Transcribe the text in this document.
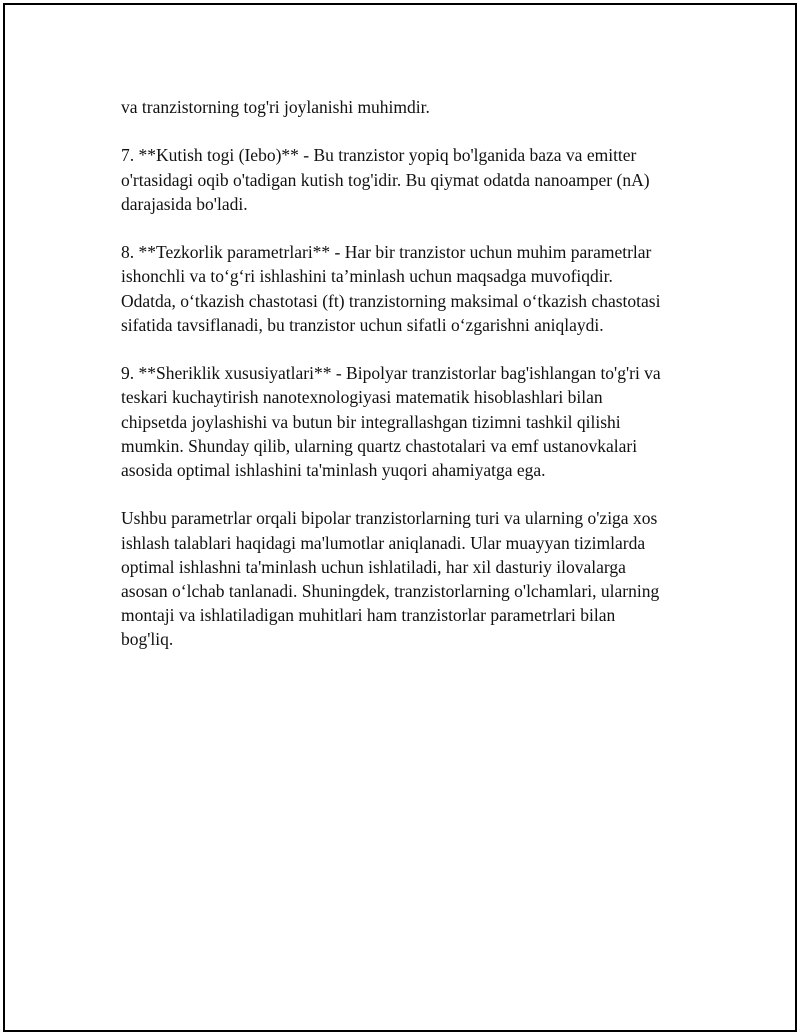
va tranzistorning tog'ri joylanishi muhimdir.

7. **Kutish togi (Iebo)** - Bu tranzistor yopiq bo'lganida baza va emitter
o'rtasidagi oqib o'tadigan kutish tog'idir. Bu qiymat odatda nanoamper (nA)
darajasida bo'ladi.

8. **Tezkorlik parametrlari** - Har bir tranzistor uchun muhim parametrlar
ishonchli va to‘g‘ri ishlashini ta’minlash uchun maqsadga muvofiqdir.
Odatda, o‘tkazish chastotasi (ft) tranzistorning maksimal o‘tkazish chastotasi
sifatida tavsiflanadi, bu tranzistor uchun sifatli o‘zgarishni aniqlaydi.

9. **Sheriklik xususiyatlari** - Bipolyar tranzistorlar bag'ishlangan to'g'ri va
teskari kuchaytirish nanotexnologiyasi matematik hisoblashlari bilan
chipsetda joylashishi va butun bir integrallashgan tizimni tashkil qilishi
mumkin. Shunday qilib, ularning quartz chastotalari va emf ustanovkalari
asosida optimal ishlashini ta'minlash yuqori ahamiyatga ega.

Ushbu parametrlar orqali bipolar tranzistorlarning turi va ularning o'ziga xos
ishlash talablari haqidagi ma'lumotlar aniqlanadi. Ular muayyan tizimlarda
optimal ishlashni ta'minlash uchun ishlatiladi, har xil dasturiy ilovalarga
asosan o‘lchab tanlanadi. Shuningdek, tranzistorlarning o'lchamlari, ularning
montaji va ishlatiladigan muhitlari ham tranzistorlar parametrlari bilan
bog'liq.
